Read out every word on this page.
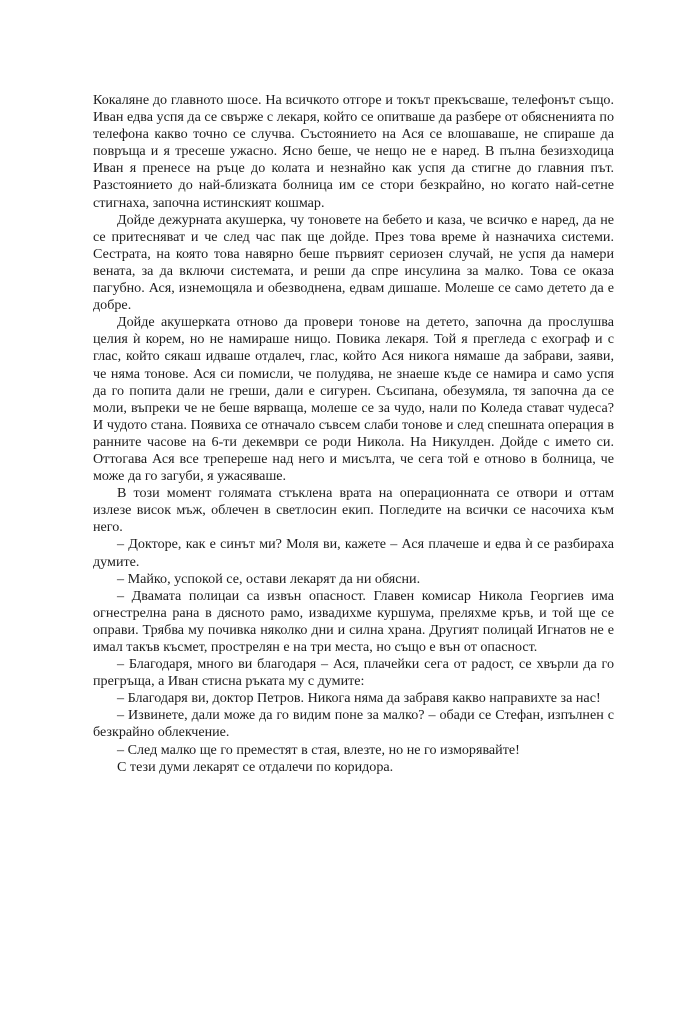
Кокаляне до главното шосе. На всичкото отгоре и токът прекъсваше, телефонът също. Иван едва успя да се свърже с лекаря, който се опитваше да разбере от обясненията по телефона какво точно се случва. Състоянието на Ася се влошаваше, не спираше да повръща и я тресеше ужасно. Ясно беше, че нещо не е наред. В пълна безизходица Иван я пренесе на ръце до колата и незнайно как успя да стигне до главния път. Разстоянието до най-близката болница им се стори безкрайно, но когато най-сетне стигнаха, започна истинският кошмар.

Дойде дежурната акушерка, чу тоновете на бебето и каза, че всичко е наред, да не се притесняват и че след час пак ще дойде. През това време ѝ назначиха системи. Сестрата, на която това навярно беше първият сериозен случай, не успя да намери вената, за да включи системата, и реши да спре инсулина за малко. Това се оказа пагубно. Ася, изнемощяла и обезводнена, едвам дишаше. Молеше се само детето да е добре.

Дойде акушерката отново да провери тонове на детето, започна да прослушва целия ѝ корем, но не намираше нищо. Повика лекаря. Той я прегледа с ехограф и с глас, който сякаш идваше отдалеч, глас, който Ася никога нямаше да забрави, заяви, че няма тонове. Ася си помисли, че полудява, не знаеше къде се намира и само успя да го попита дали не греши, дали е сигурен. Съсипана, обезумяла, тя започна да се моли, въпреки че не беше вярваща, молеше се за чудо, нали по Коледа стават чудеса? И чудото стана. Появиха се отначало съвсем слаби тонове и след спешната операция в ранните часове на 6-ти декември се роди Никола. На Никулден. Дойде с името си. Оттогава Ася все трепереше над него и мисълта, че сега той е отново в болница, че може да го загуби, я ужасяваше.

В този момент голямата стъклена врата на операционната се отвори и оттам излезе висок мъж, облечен в светлосин екип. Погледите на всички се насочиха към него.

– Докторе, как е синът ми? Моля ви, кажете – Ася плачеше и едва ѝ се разбираха думите.

– Майко, успокой се, остави лекарят да ни обясни.

– Двамата полицаи са извън опасност. Главен комисар Никола Георгиев има огнестрелна рана в дясното рамо, извадихме куршума, преляхме кръв, и той ще се оправи. Трябва му почивка няколко дни и силна храна. Другият полицай Игнатов не е имал такъв късмет, прострелян е на три места, но също е вън от опасност.

– Благодаря, много ви благодаря – Ася, плачейки сега от радост, се хвърли да го прегръща, а Иван стисна ръката му с думите:

– Благодаря ви, доктор Петров. Никога няма да забравя какво направихте за нас!

– Извинете, дали може да го видим поне за малко? – обади се Стефан, изпълнен с безкрайно облекчение.

– След малко ще го преместят в стая, влезте, но не го изморявайте!

С тези думи лекарят се отдалечи по коридора.
